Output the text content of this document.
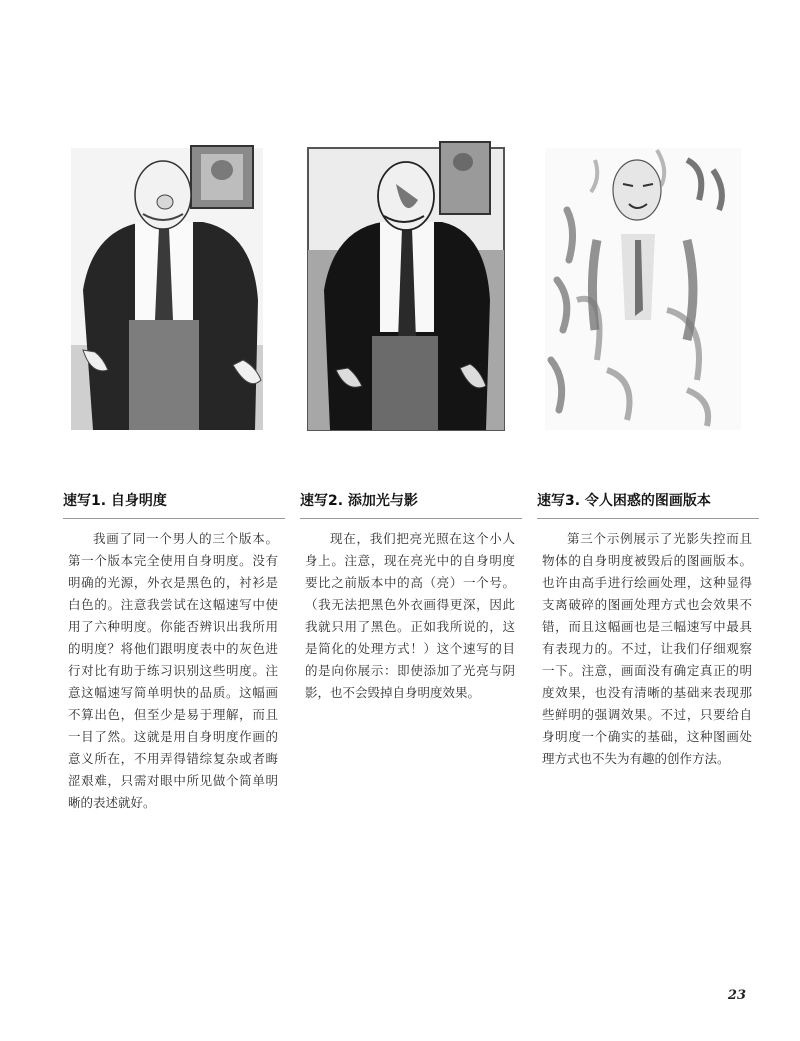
速写1. 自身明度	速写2. 添加光与影	速写3. 令人困惑的图画版本

我画了同一个男人的三个版本。第一个版本完全使用自身明度。没有明确的光源，外衣是黑色的，衬衫是白色的。注意我尝试在这幅速写中使用了六种明度。你能否辨识出我所用的明度？将他们跟明度表中的灰色进行对比有助于练习识别这些明度。注意这幅速写简单明快的品质。这幅画不算出色，但至少是易于理解，而且一目了然。这就是用自身明度作画的意义所在，不用弄得错综复杂或者晦涩艰难，只需对眼中所见做个简单明晰的表述就好。

现在，我们把亮光照在这个小人身上。注意，现在亮光中的自身明度要比之前版本中的高（亮）一个号。（我无法把黑色外衣画得更深，因此我就只用了黑色。正如我所说的，这是简化的处理方式！）这个速写的目的是向你展示：即使添加了光亮与阴影，也不会毁掉自身明度效果。

第三个示例展示了光影失控而且物体的自身明度被毁后的图画版本。也许由高手进行绘画处理，这种显得支离破碎的图画处理方式也会效果不错，而且这幅画也是三幅速写中最具有表现力的。不过，让我们仔细观察一下。注意，画面没有确定真正的明度效果，也没有清晰的基础来表现那些鲜明的强调效果。不过，只要给自身明度一个确实的基础，这种图画处理方式也不失为有趣的创作方法。

23
